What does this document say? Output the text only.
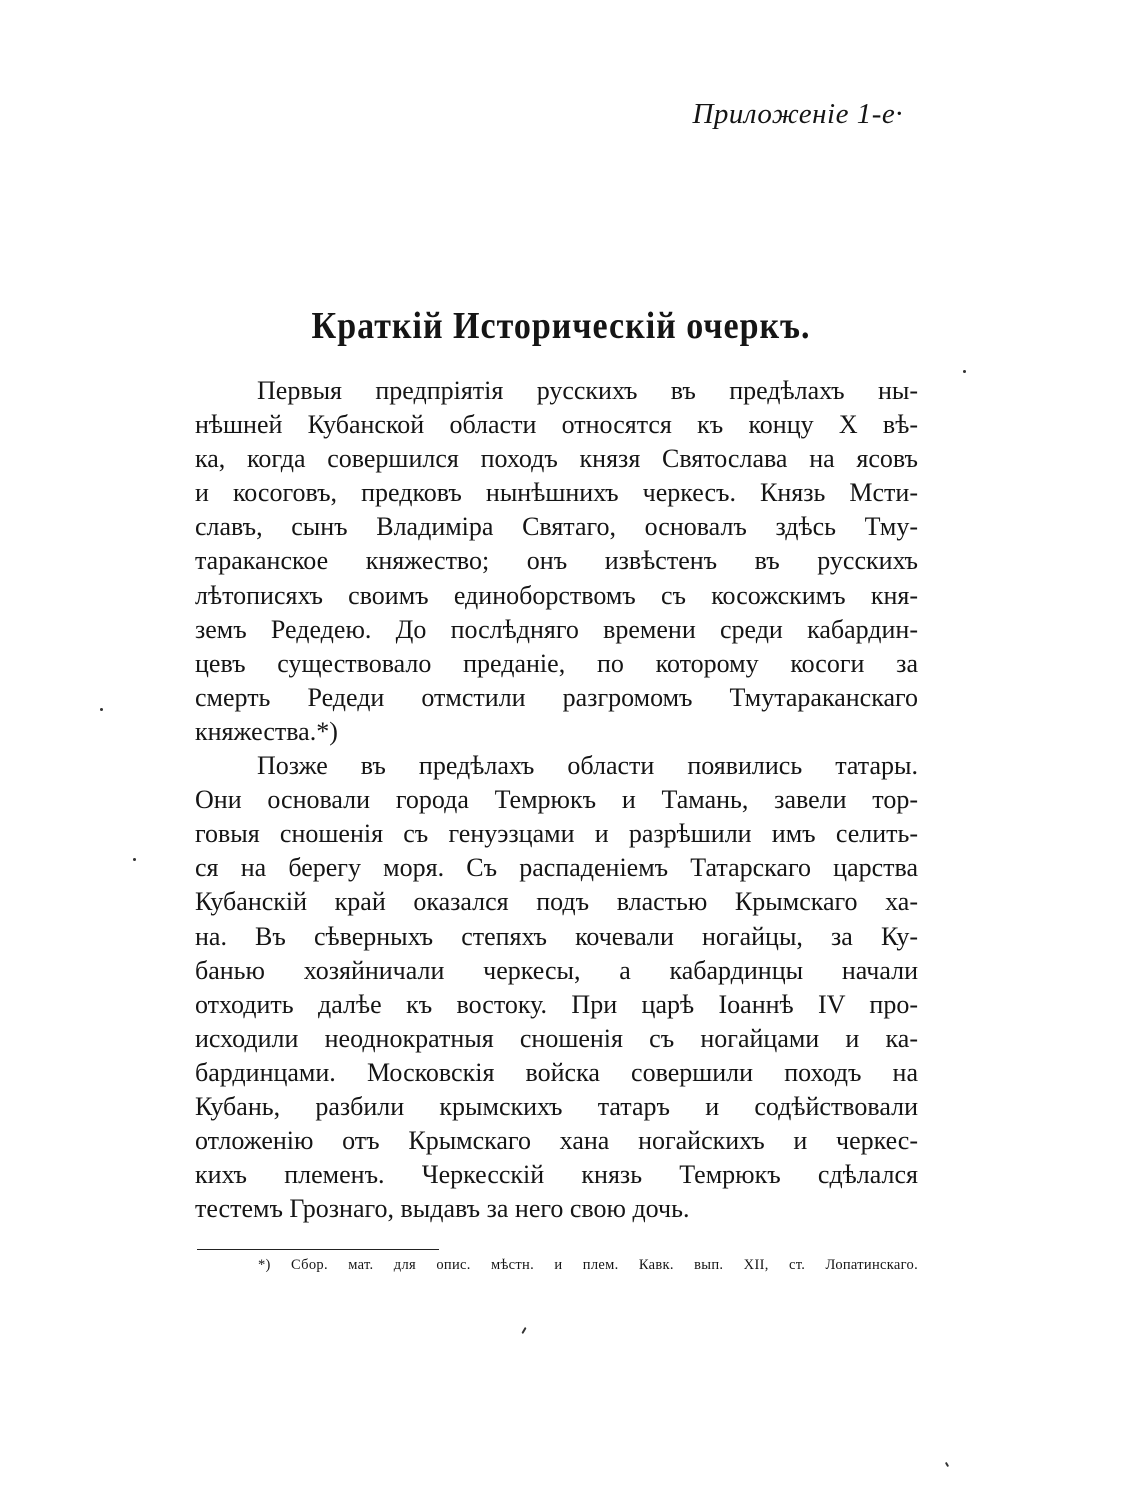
Приложеніе 1-е·
Краткій Историческій очеркъ.
Первыя предпріятія русскихъ въ предѣлахъ ны-
нѣшней Кубанской области относятся къ концу X вѣ-
ка, когда совершился походъ князя Святослава на ясовъ
и косоговъ, предковъ нынѣшнихъ черкесъ. Князь Мсти-
славъ, сынъ Владиміра Святаго, основалъ здѣсь Тму-
тараканское княжество; онъ извѣстенъ въ русскихъ
лѣтописяхъ своимъ единоборствомъ съ косожскимъ кня-
земъ Редедею. До послѣдняго времени среди кабардин-
цевъ существовало преданіе, по которому косоги за
смерть Редеди отмстили разгромомъ Тмутараканскаго
княжества.*)
Позже въ предѣлахъ области появились татары.
Они основали города Темрюкъ и Тамань, завели тор-
говыя сношенія съ генуэзцами и разрѣшили имъ селить-
ся на берегу моря. Съ распаденіемъ Татарскаго царства
Кубанскій край оказался подъ властью Крымскаго ха-
на. Въ сѣверныхъ степяхъ кочевали ногайцы, за Ку-
банью хозяйничали черкесы, а кабардинцы начали
отходить далѣе къ востоку. При царѣ Іоаннѣ IV про-
исходили неоднократныя сношенія съ ногайцами и ка-
бардинцами. Московскія войска совершили походъ на
Кубань, разбили крымскихъ татаръ и содѣйствовали
отложенію отъ Крымскаго хана ногайскихъ и черкес-
кихъ племенъ. Черкесскій князь Темрюкъ сдѣлался
тестемъ Грознаго, выдавъ за него свою дочь.
*) Сбор. мат. для опис. мѣстн. и плем. Кавк. вып. XII, ст. Лопатинскаго.
